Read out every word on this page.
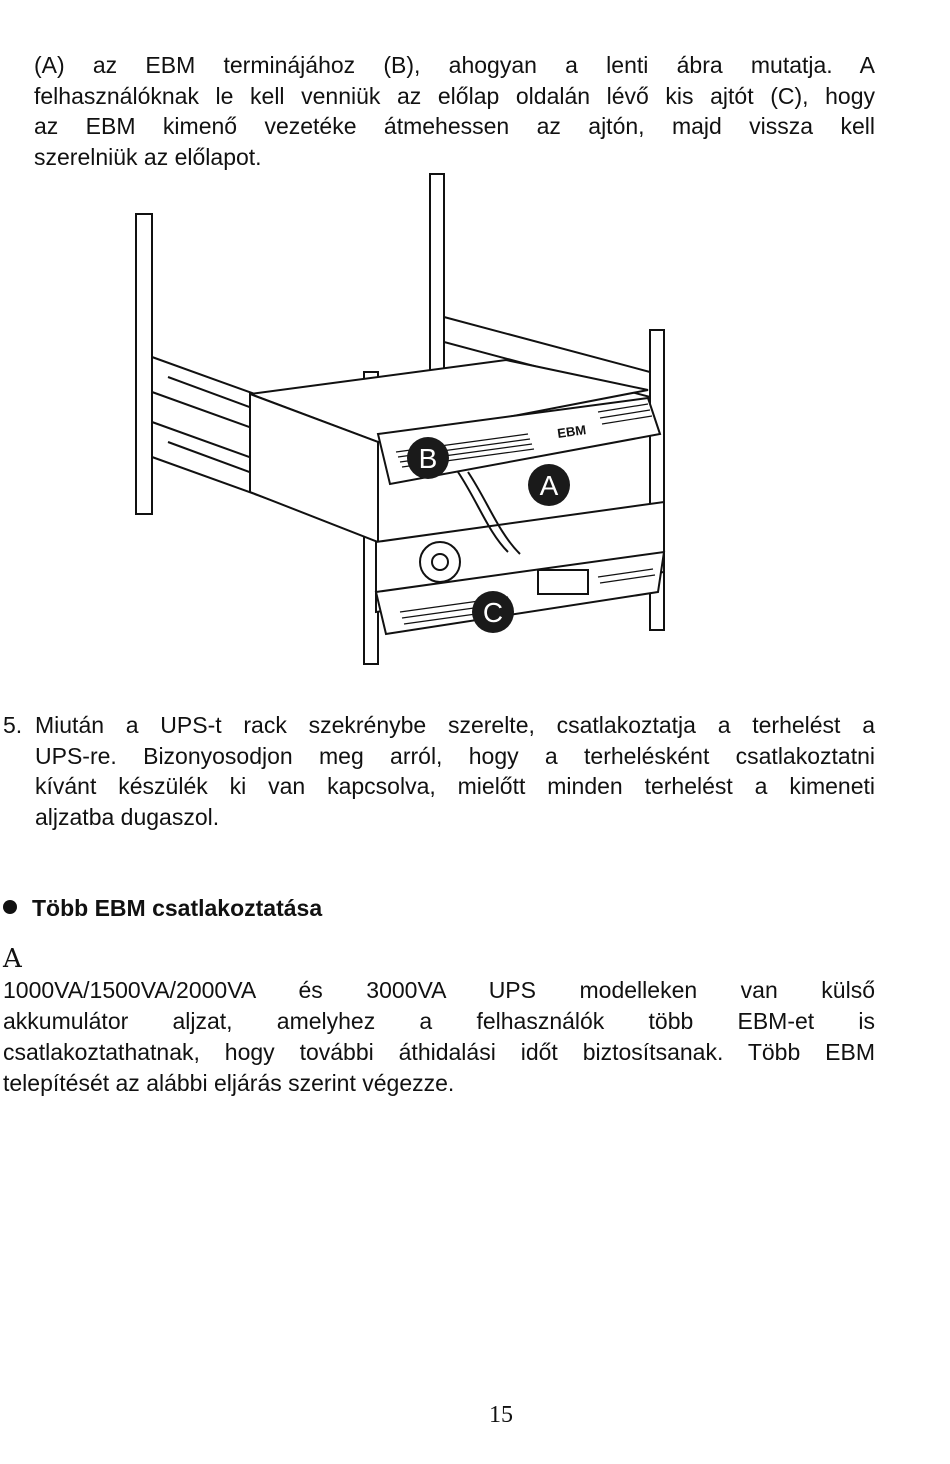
(A) az EBM terminájához (B), ahogyan a lenti ábra mutatja. A
felhasználóknak le kell venniük az előlap oldalán lévő kis ajtót (C), hogy
az EBM kimenő vezetéke átmehessen az ajtón, majd vissza kell
szerelniük az előlapot.
EBM
B
A
C
5. Miután a UPS-t rack szekrénybe szerelte, csatlakoztatja a terhelést a
UPS-re. Bizonyosodjon meg arról, hogy a terhelésként csatlakoztatni
kívánt készülék ki van kapcsolva, mielőtt minden terhelést a kimeneti
aljzatba dugaszol.
Több EBM csatlakoztatása
A
1000VA/1500VA/2000VA és 3000VA UPS modelleken van külső
akkumulátor aljzat, amelyhez a felhasználók több EBM-et is
csatlakoztathatnak, hogy további áthidalási időt biztosítsanak. Több EBM
telepítését az alábbi eljárás szerint végezze.
15
